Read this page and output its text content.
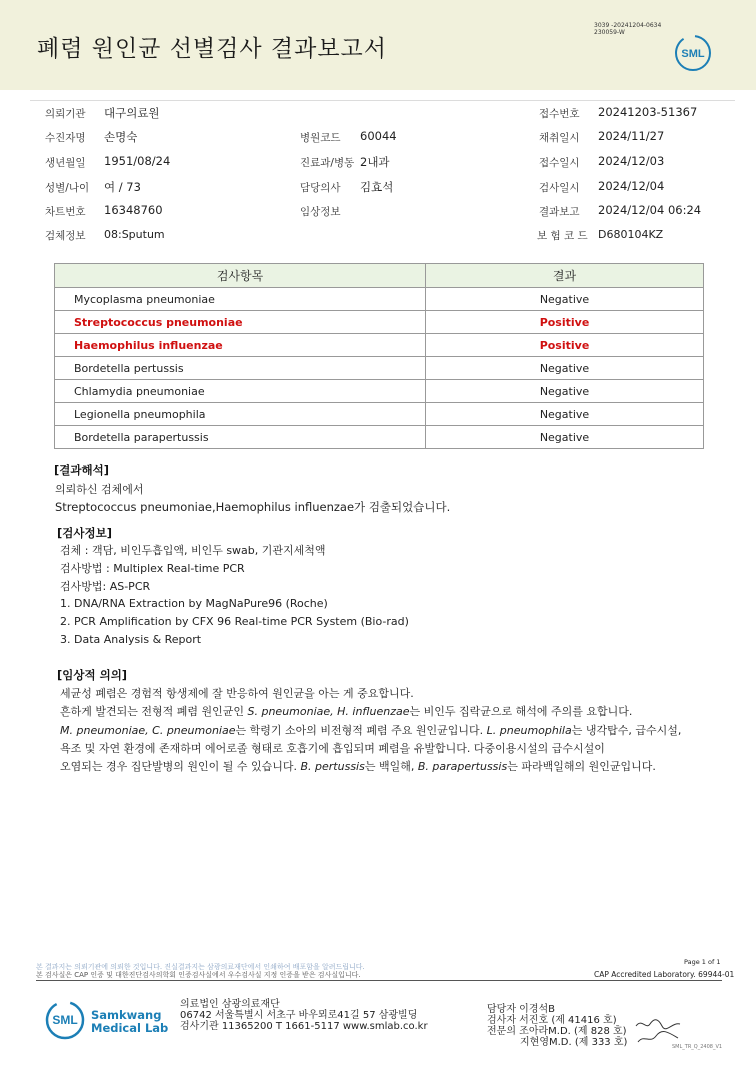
폐렴 원인균 선별검사 결과보고서
3039 -20241204-0634
230059-W
SML
의뢰기관 대구의료원	접수번호 20241203-51367
수진자명 손명숙	병원코드 60044	채취일시 2024/11/27
생년월일 1951/08/24	진료과/병동 2내과	접수일시 2024/12/03
성별/나이 여 / 73	담당의사 김효석	검사일시 2024/12/04
차트번호 16348760	임상정보	결과보고 2024/12/04 06:24
검체정보 08:Sputum	보 험 코 드 D680104KZ
검사항목	결과
Mycoplasma pneumoniae	Negative
Streptococcus pneumoniae	Positive
Haemophilus influenzae	Positive
Bordetella pertussis	Negative
Chlamydia pneumoniae	Negative
Legionella pneumophila	Negative
Bordetella parapertussis	Negative
[결과해석]
의뢰하신 검체에서
Streptococcus pneumoniae,Haemophilus influenzae가 검출되었습니다.
[검사정보]
검체 : 객담, 비인두흡입액, 비인두 swab, 기관지세척액
검사방법 : Multiplex Real-time PCR
검사방법: AS-PCR
1. DNA/RNA Extraction by MagNaPure96 (Roche)
2. PCR Amplification by CFX 96 Real-time PCR System (Bio-rad)
3. Data Analysis & Report
[임상적 의의]
세균성 폐렴은 경험적 항생제에 잘 반응하여 원인균을 아는 게 중요합니다.
흔하게 발견되는 전형적 폐렴 원인균인 S. pneumoniae, H. influenzae는 비인두 집락균으로 해석에 주의를 요합니다.
M. pneumoniae, C. pneumoniae는 학령기 소아의 비전형적 폐렴 주요 원인균입니다. L. pneumophila는 냉각탑수, 급수시설,
욕조 및 자연 환경에 존재하며 에어로졸 형태로 호흡기에 흡입되며 폐렴을 유발합니다. 다중이용시설의 급수시설이
오염되는 경우 집단발병의 원인이 될 수 있습니다. B. pertussis는 백일해, B. parapertussis는 파라백일해의 원인균입니다.
본 결과지는 의뢰기관에 의뢰한 것입니다. 진실결과지는 삼광의료재단에서 인쇄하여 배포함을 알려드립니다.
본 검사실은 CAP 인증 및 대한진단검사의학회 인증검사실에서 우수검사실 지정 인증을 받은 검사실입니다.
Page 1 of 1
CAP Accredited Laboratory. 69944-01
SML Samkwang
Medical Lab
의료법인 삼광의료재단
06742 서울특별시 서초구 바우뫼로41길 57 삼광빌딩
검사기관 11365200 T 1661-5117 www.smlab.co.kr
담당자 이경석B
검사자 서진호 (제 41416 호)
전문의 조아라M.D. (제 828 호)
지현영M.D. (제 333 호)	SML_TR_Q_2408_V1
